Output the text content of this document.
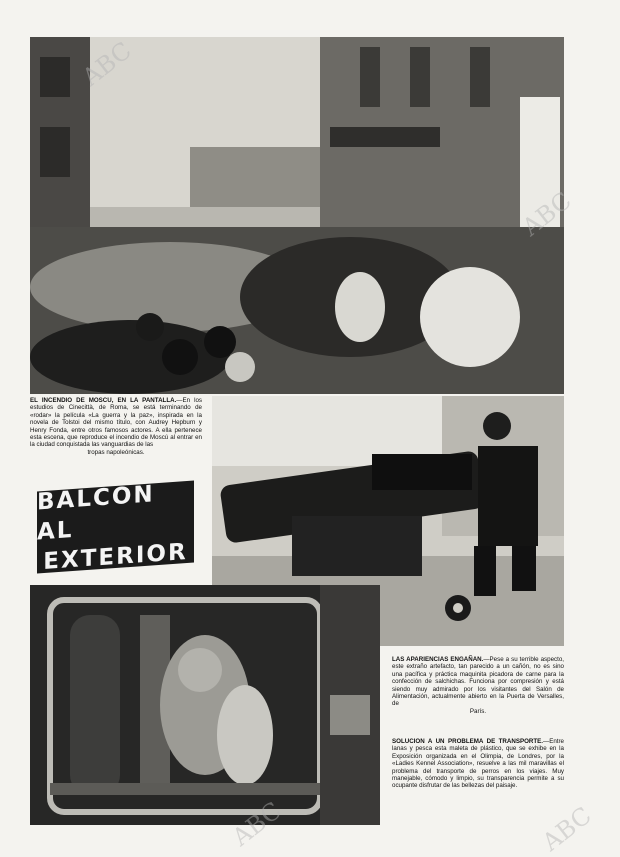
EL INCENDIO DE MOSCU, EN LA PANTALLA.—En los estudios de Cinecittà, de Roma, se está terminando de «rodar» la película «La guerra y la paz», inspirada en la novela de Tolstoi del mismo título, con Audrey Hepburn y Henry Fonda, entre otros famosos actores. A ella pertenece esta escena, que reproduce el incendio de Moscú al entrar en la ciudad conquistada las vanguardias de las
tropas napoleónicas.
BALCON AL
EXTERIOR
LAS APARIENCIAS ENGAÑAN.—Pese a su terrible aspecto, este extraño artefacto, tan parecido a un cañón, no es sino una pacífica y práctica maquinita picadora de carne para la confección de salchichas. Funciona por compresión y está siendo muy admirado por los visitantes del Salón de Alimentación, actualmente abierto en la Puerta de Versalles, de
París.
SOLUCION A UN PROBLEMA DE TRANSPORTE.—Entre lanas y pesca esta maleta de plástico, que se exhibe en la Exposición organizada en el Olimpia, de Londres, por la «Ladies Kennel Association», resuelve a las mil maravillas el problema del transporte de perros en los viajes. Muy manejable, cómodo y limpio, su transparencia permite a su ocupante disfrutar de las bellezas del paisaje.
ABC
ABC
ABC	ABC
